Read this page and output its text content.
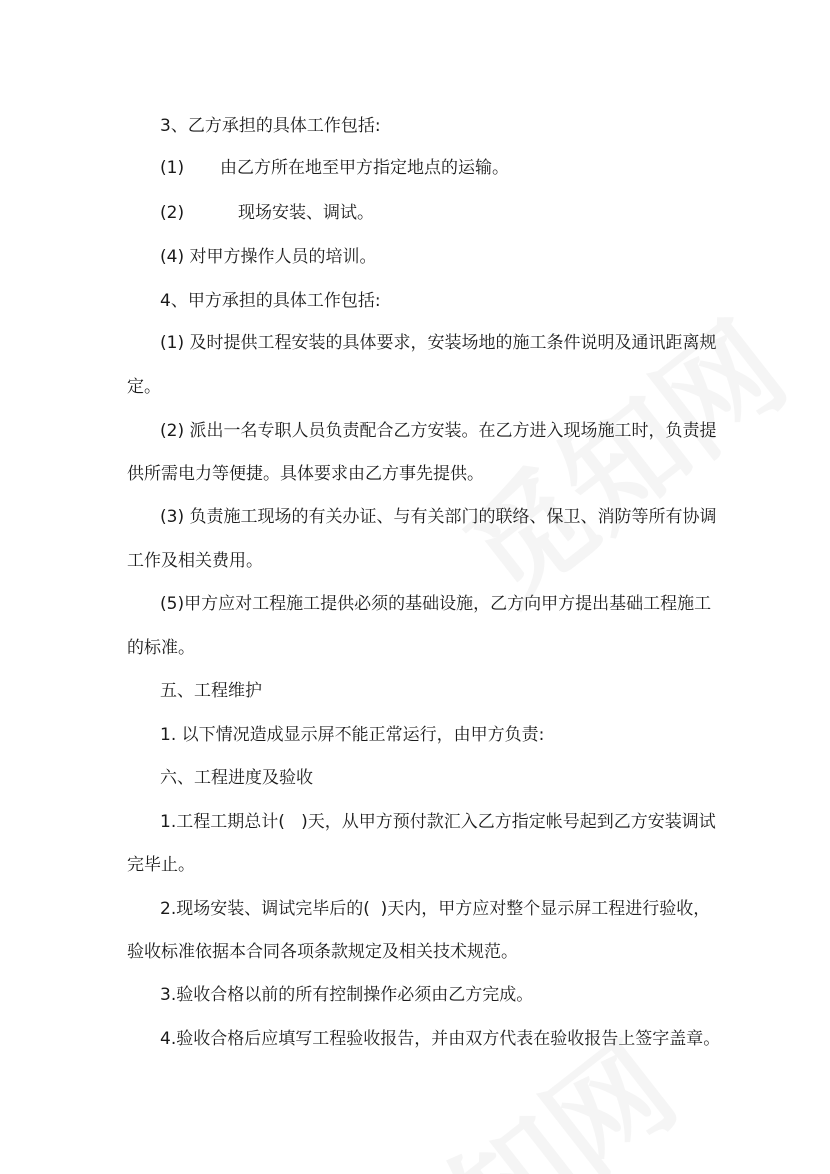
3、乙方承担的具体工作包括:
(1) 由乙方所在地至甲方指定地点的运输。
(2)	现场安装、调试。
(4) 对甲方操作人员的培训。
4、甲方承担的具体工作包括:
(1) 及时提供工程安装的具体要求，安装场地的施工条件说明及通讯距离规
定。
(2) 派出一名专职人员负责配合乙方安装。在乙方进入现场施工时，负责提
供所需电力等便捷。具体要求由乙方事先提供。
(3) 负责施工现场的有关办证、与有关部门的联络、保卫、消防等所有协调
工作及相关费用。
(5)甲方应对工程施工提供必须的基础设施，乙方向甲方提出基础工程施工
的标准。
五、工程维护
1. 以下情况造成显示屏不能正常运行，由甲方负责:
六、工程进度及验收
1.工程工期总计(   )天，从甲方预付款汇入乙方指定帐号起到乙方安装调试
完毕止。
2.现场安装、调试完毕后的(  )天内，甲方应对整个显示屏工程进行验收，
验收标准依据本合同各项条款规定及相关技术规范。
3.验收合格以前的所有控制操作必须由乙方完成。
4.验收合格后应填写工程验收报告，并由双方代表在验收报告上签字盖章。
